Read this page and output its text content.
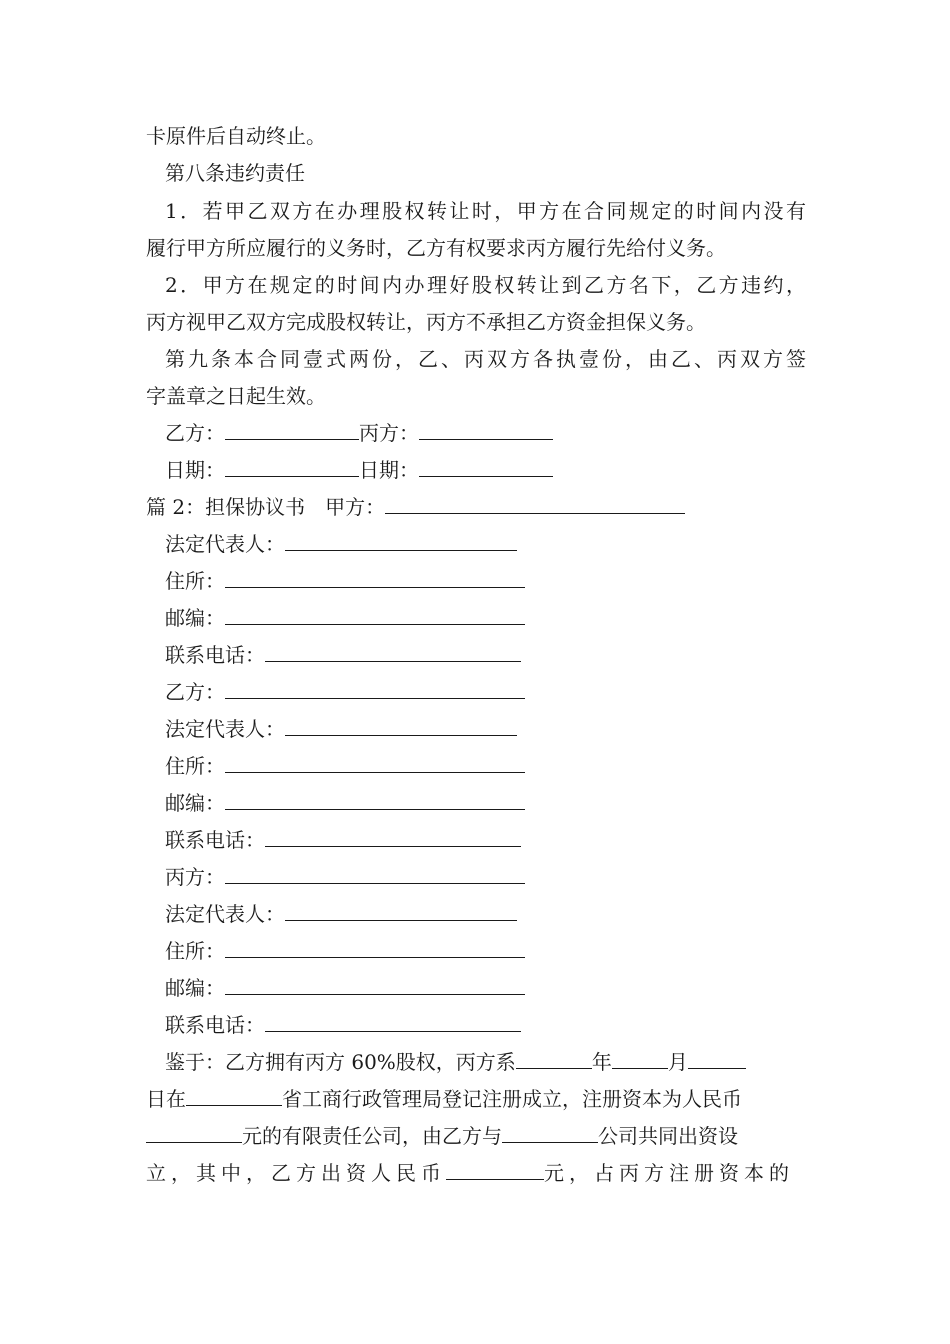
卡原件后自动终止。
第八条违约责任
1．若甲乙双方在办理股权转让时，甲方在合同规定的时间内没有
履行甲方所应履行的义务时，乙方有权要求丙方履行先给付义务。
2．甲方在规定的时间内办理好股权转让到乙方名下，乙方违约，
丙方视甲乙双方完成股权转让，丙方不承担乙方资金担保义务。
第九条本合同壹式两份，乙、丙双方各执壹份，由乙、丙双方签
字盖章之日起生效。
乙方：	丙方：
日期：	日期：
篇 2：担保协议书 甲方：
法定代表人：
住所：
邮编：
联系电话：
乙方：
法定代表人：
住所：
邮编：
联系电话：
丙方：
法定代表人：
住所：
邮编：
联系电话：
鉴于：乙方拥有丙方 60%股权，丙方系	年	月
日在	省工商行政管理局登记注册成立，注册资本为人民币
元的有限责任公司，由乙方与	公司共同出资设
立，其中，乙方出资人民币	元，占丙方注册资本的
